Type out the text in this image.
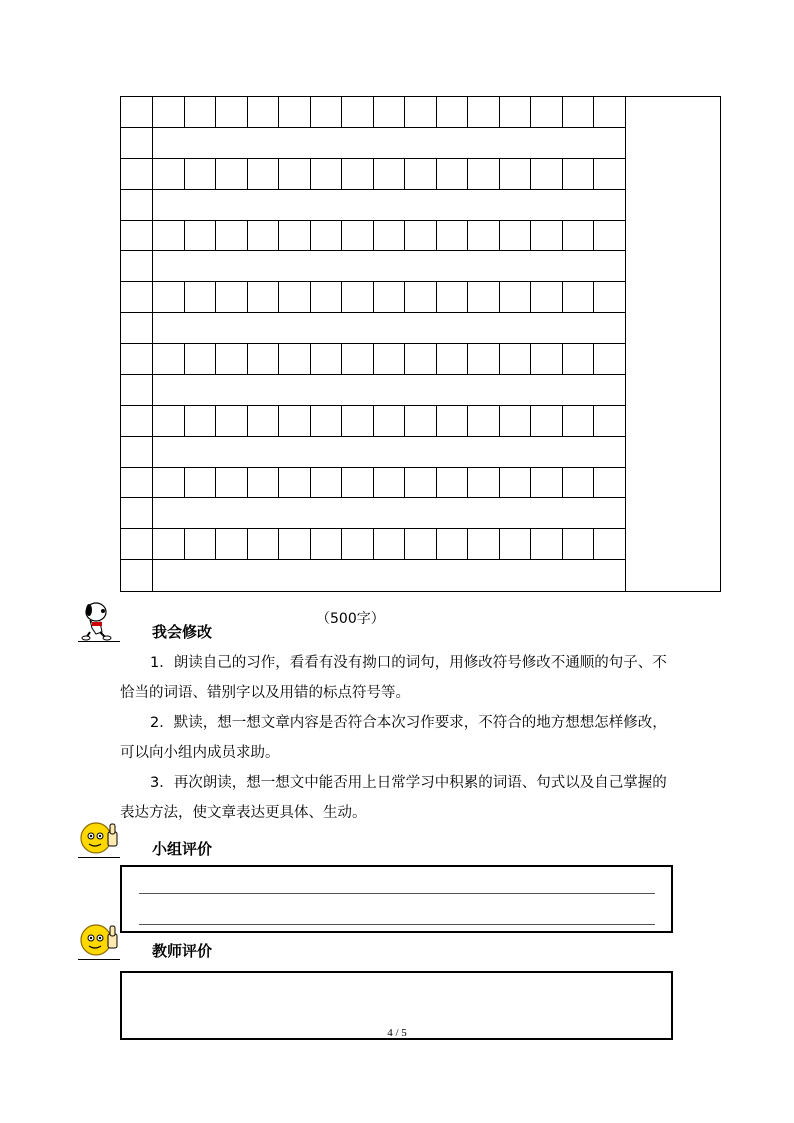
（500字）
我会修改
1．朗读自己的习作，看看有没有拗口的词句，用修改符号修改不通顺的句子、不恰当的词语、错别字以及用错的标点符号等。
2．默读，想一想文章内容是否符合本次习作要求，不符合的地方想想怎样修改，可以向小组内成员求助。
3．再次朗读，想一想文中能否用上日常学习中积累的词语、句式以及自己掌握的表达方法，使文章表达更具体、生动。
小组评价
教师评价
4 / 5
